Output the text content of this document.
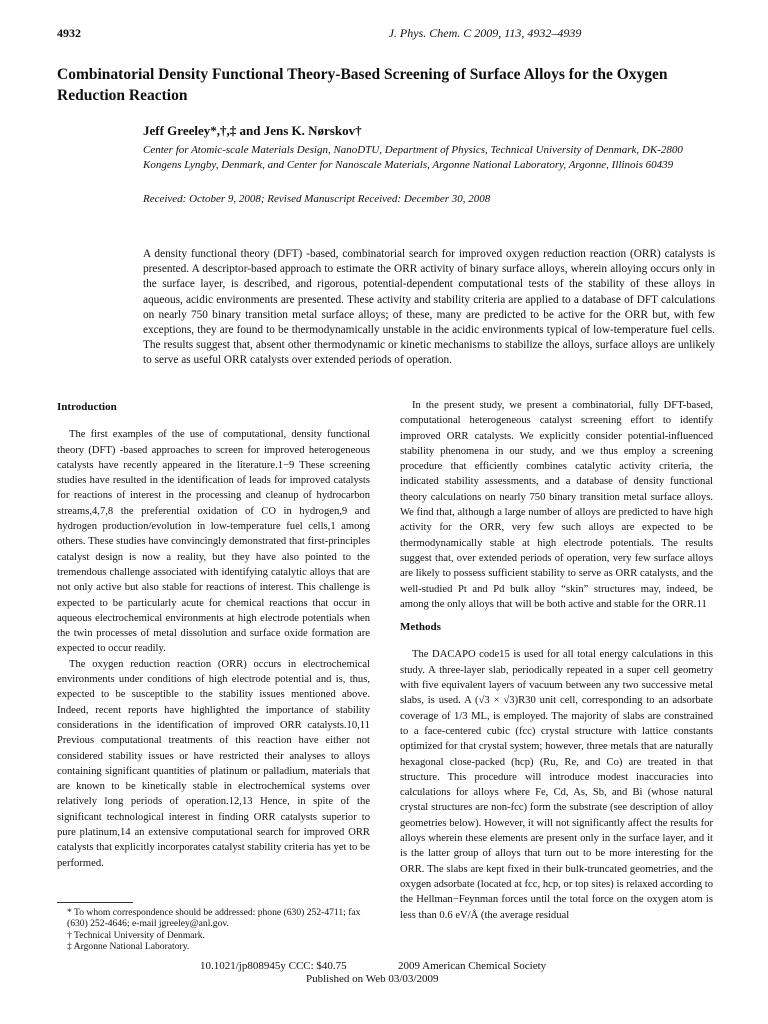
4932	J. Phys. Chem. C 2009, 113, 4932–4939
Combinatorial Density Functional Theory-Based Screening of Surface Alloys for the Oxygen Reduction Reaction
Jeff Greeley*,†,‡ and Jens K. Nørskov†
Center for Atomic-scale Materials Design, NanoDTU, Department of Physics, Technical University of Denmark, DK-2800 Kongens Lyngby, Denmark, and Center for Nanoscale Materials, Argonne National Laboratory, Argonne, Illinois 60439
Received: October 9, 2008; Revised Manuscript Received: December 30, 2008
A density functional theory (DFT) -based, combinatorial search for improved oxygen reduction reaction (ORR) catalysts is presented. A descriptor-based approach to estimate the ORR activity of binary surface alloys, wherein alloying occurs only in the surface layer, is described, and rigorous, potential-dependent computational tests of the stability of these alloys in aqueous, acidic environments are presented. These activity and stability criteria are applied to a database of DFT calculations on nearly 750 binary transition metal surface alloys; of these, many are predicted to be active for the ORR but, with few exceptions, they are found to be thermodynamically unstable in the acidic environments typical of low-temperature fuel cells. The results suggest that, absent other thermodynamic or kinetic mechanisms to stabilize the alloys, surface alloys are unlikely to serve as useful ORR catalysts over extended periods of operation.

Introduction

The first examples of the use of computational, density functional theory (DFT) -based approaches to screen for improved heterogeneous catalysts have recently appeared in the literature.1−9 These screening studies have resulted in the identification of leads for improved catalysts for reactions of interest in the processing and cleanup of hydrocarbon streams,4,7,8 the preferential oxidation of CO in hydrogen,9 and hydrogen production/evolution in low-temperature fuel cells,1 among others. These studies have convincingly demonstrated that first-principles catalyst design is now a reality, but they have also pointed to the tremendous challenge associated with identifying catalytic alloys that are not only active but also stable for reactions of interest. This challenge is expected to be particularly acute for chemical reactions that occur in aqueous electrochemical environments at high electrode potentials when the twin processes of metal dissolution and surface oxide formation are expected to occur readily.

The oxygen reduction reaction (ORR) occurs in electrochemical environments under conditions of high electrode potential and is, thus, expected to be susceptible to the stability issues mentioned above. Indeed, recent reports have highlighted the importance of stability considerations in the identification of improved ORR catalysts.10,11 Previous computational treatments of this reaction have either not considered stability issues or have restricted their analyses to alloys containing significant quantities of platinum or palladium, materials that are known to be kinetically stable in electrochemical systems over relatively long periods of operation.12,13 Hence, in spite of the significant technological interest in finding ORR catalysts superior to pure platinum,14 an extensive computational search for improved ORR catalysts that explicitly incorporates catalyst stability criteria has yet to be performed.

In the present study, we present a combinatorial, fully DFT-based, computational heterogeneous catalyst screening effort to identify improved ORR catalysts. We explicitly consider potential-influenced stability phenomena in our study, and we thus employ a screening procedure that efficiently combines catalytic activity criteria, the indicated stability assessments, and a database of density functional theory calculations on nearly 750 binary transition metal surface alloys. We find that, although a large number of alloys are predicted to have high activity for the ORR, very few such alloys are expected to be thermodynamically stable at high electrode potentials. The results suggest that, over extended periods of operation, very few surface alloys are likely to possess sufficient stability to serve as ORR catalysts, and the well-studied Pt and Pd bulk alloy “skin” structures may, indeed, be among the only alloys that will be both active and stable for the ORR.11

Methods

The DACAPO code15 is used for all total energy calculations in this study. A three-layer slab, periodically repeated in a super cell geometry with five equivalent layers of vacuum between any two successive metal slabs, is used. A (√3 × √3)R30 unit cell, corresponding to an adsorbate coverage of 1/3 ML, is employed. The majority of slabs are constrained to a face-centered cubic (fcc) crystal structure with lattice constants optimized for that crystal system; however, three metals that are naturally hexagonal close-packed (hcp) (Ru, Re, and Co) are treated in that structure. This procedure will introduce modest inaccuracies into calculations for alloys where Fe, Cd, As, Sb, and Bi (whose natural crystal structures are non-fcc) form the substrate (see description of alloy geometries below). However, it will not significantly affect the results for alloys wherein these elements are present only in the surface layer, and it is the latter group of alloys that turn out to be more interesting for the ORR. The slabs are kept fixed in their bulk-truncated geometries, and the oxygen adsorbate (located at fcc, hcp, or top sites) is relaxed according to the Hellman−Feynman forces until the total force on the oxygen atom is less than 0.6 eV/Å (the average residual

* To whom correspondence should be addressed: phone (630) 252-4711; fax (630) 252-4646; e-mail jgreeley@anl.gov.
† Technical University of Denmark.
‡ Argonne National Laboratory.
10.1021/jp808945y CCC: $40.75	2009 American Chemical Society
Published on Web 03/03/2009
